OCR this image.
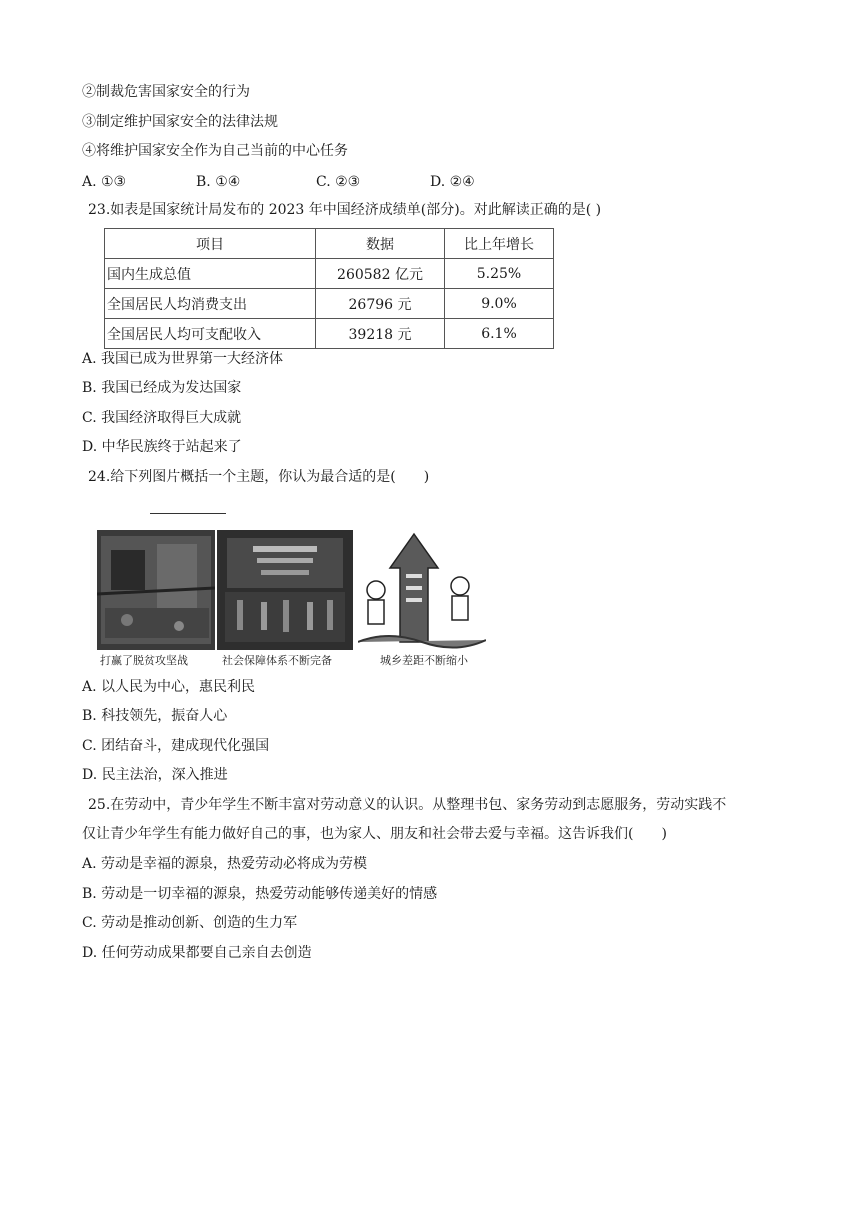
②制裁危害国家安全的行为
③制定维护国家安全的法律法规
④将维护国家安全作为自己当前的中心任务
A. ①③	B. ①④	C. ②③	D. ②④
23.如表是国家统计局发布的 2023 年中国经济成绩单(部分)。对此解读正确的是( )
项目	数据	比上年增长
国内生成总值	260582 亿元	5.25%
全国居民人均消费支出	26796 元	9.0%
全国居民人均可支配收入	39218 元	6.1%
A. 我国已成为世界第一大经济体
B. 我国已经成为发达国家
C. 我国经济取得巨大成就
D. 中华民族终于站起来了
24.给下列图片概括一个主题，你认为最合适的是(　　)
打赢了脱贫攻坚战	社会保障体系不断完备	城乡差距不断缩小
A. 以人民为中心，惠民利民
B. 科技领先，振奋人心
C. 团结奋斗，建成现代化强国
D. 民主法治，深入推进
25.在劳动中，青少年学生不断丰富对劳动意义的认识。从整理书包、家务劳动到志愿服务，劳动实践不
仅让青少年学生有能力做好自己的事，也为家人、朋友和社会带去爱与幸福。这告诉我们(　　)
A. 劳动是幸福的源泉，热爱劳动必将成为劳模
B. 劳动是一切幸福的源泉，热爱劳动能够传递美好的情感
C. 劳动是推动创新、创造的生力军
D. 任何劳动成果都要自己亲自去创造
